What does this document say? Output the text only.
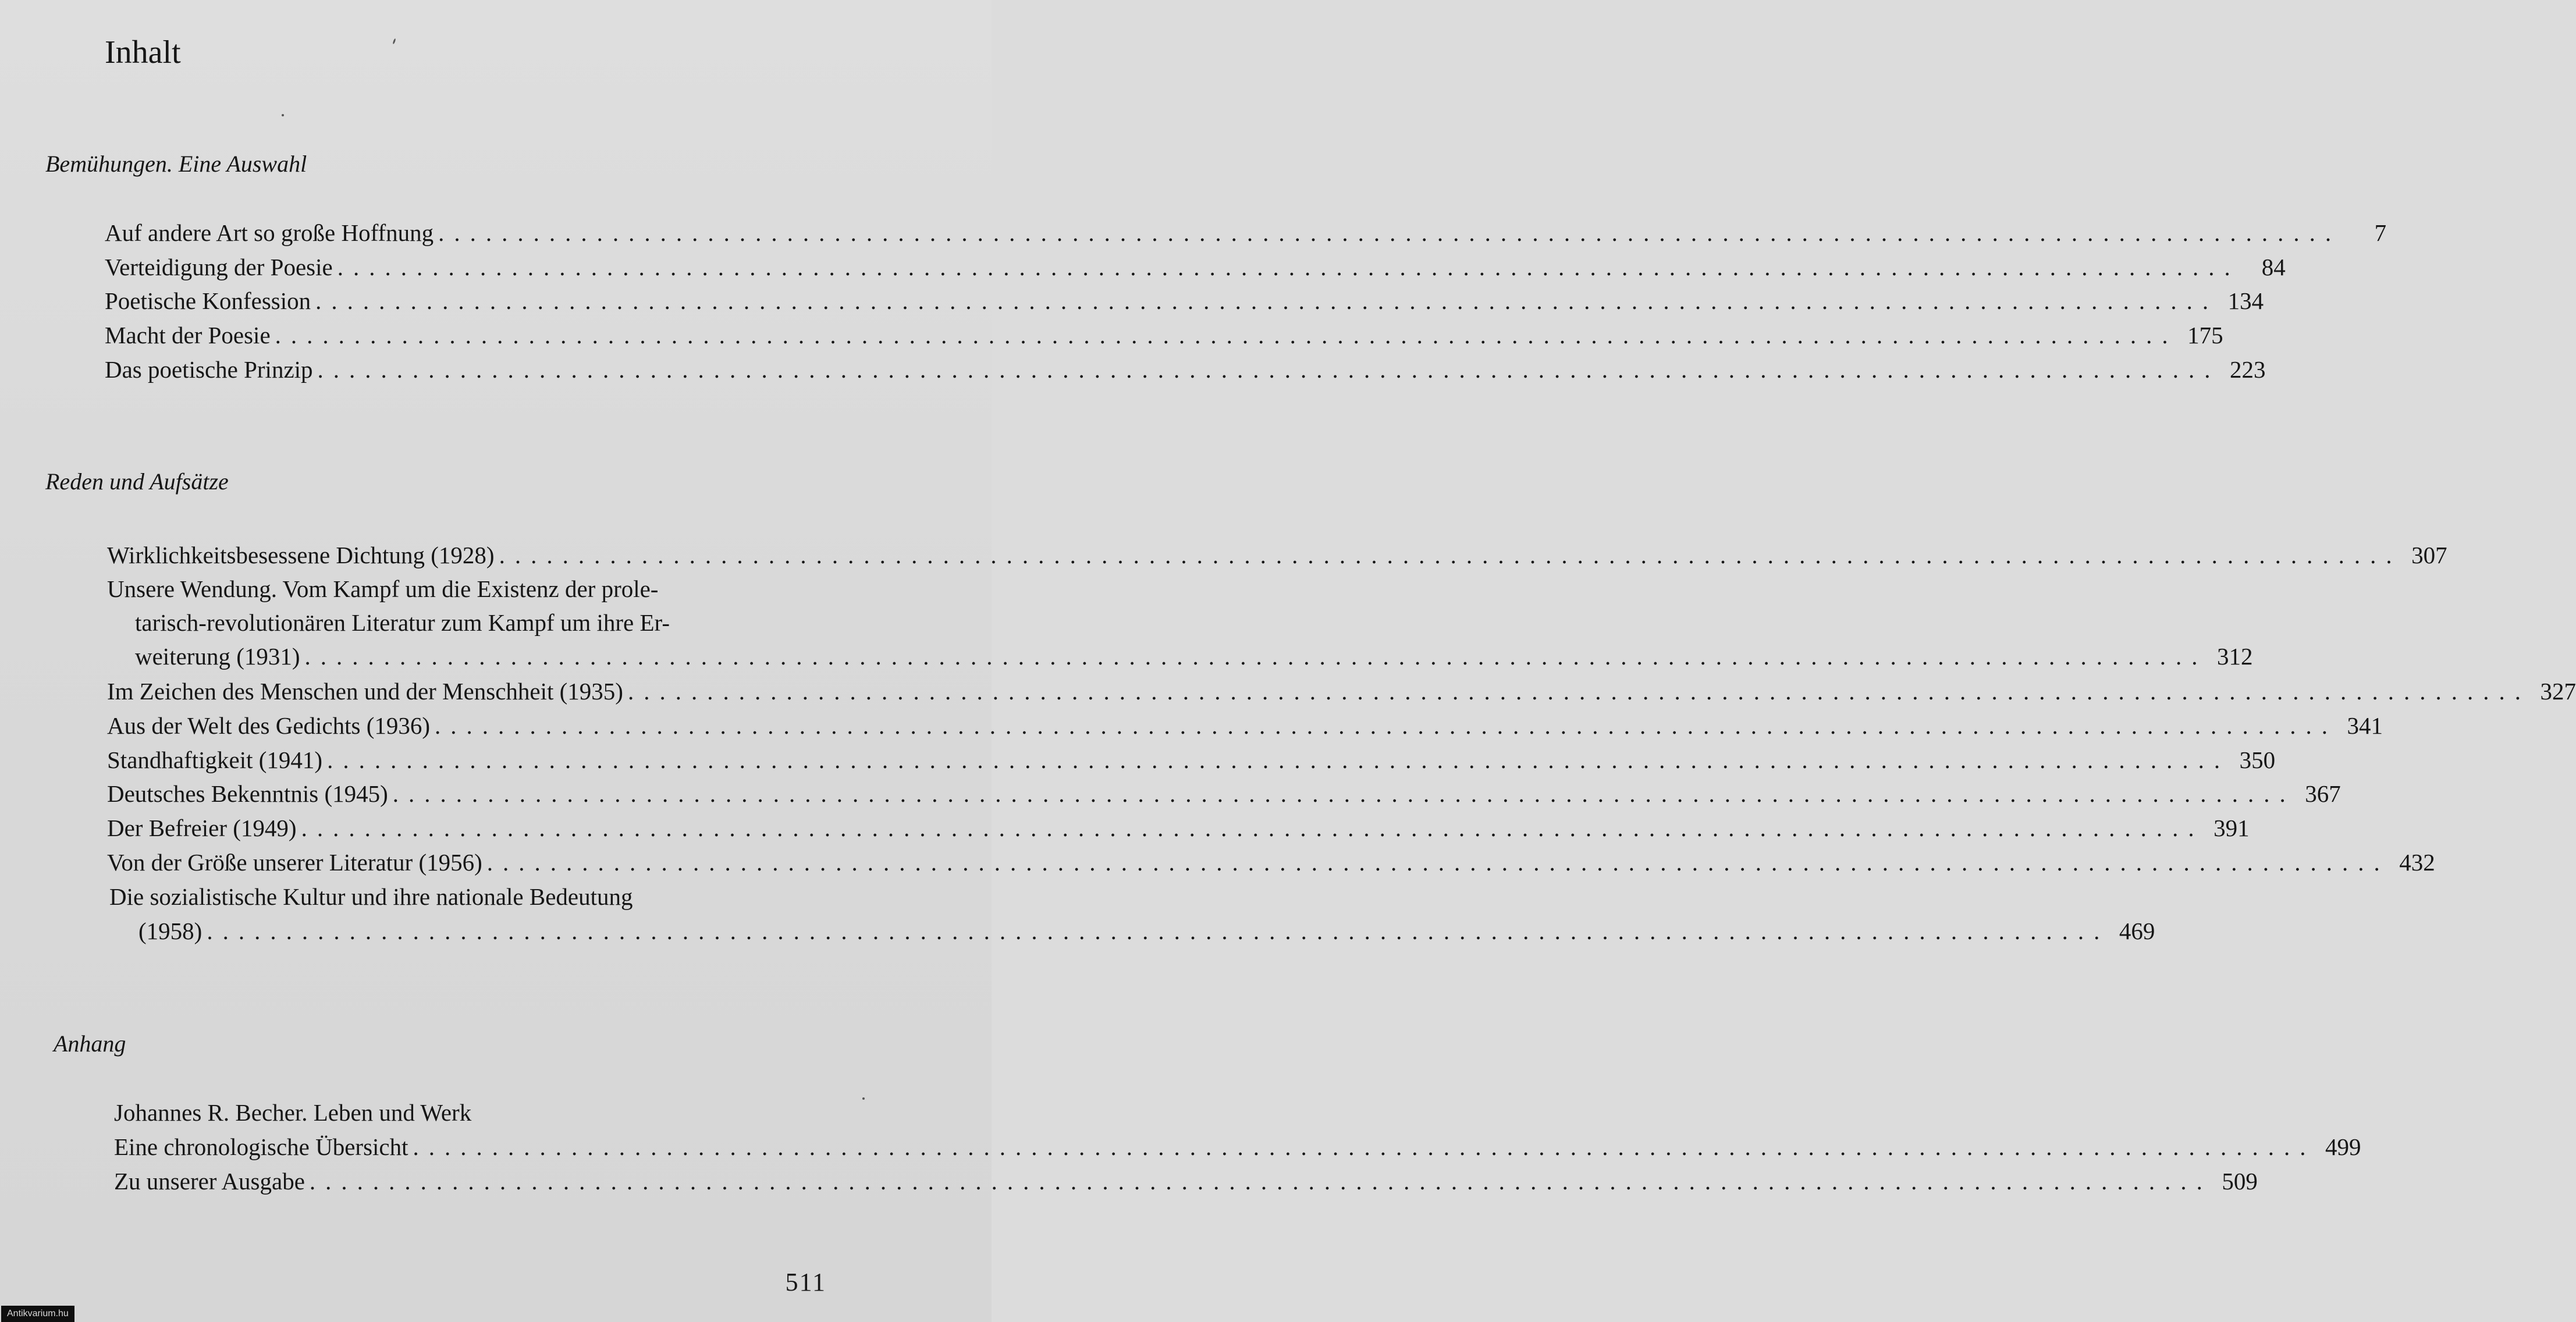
Inhalt
Bemühungen. Eine Auswahl
Auf andere Art so große Hoffnung ........................................................................................................................	7
Verteidigung der Poesie ........................................................................................................................ 84
Poetische Konfession ........................................................................................................................ 134
Macht der Poesie ........................................................................................................................ 175
Das poetische Prinzip ........................................................................................................................ 223
Reden und Aufsätze
Wirklichkeitsbesessene Dichtung (1928) ........................................................................................................................ 307
Unsere Wendung. Vom Kampf um die Existenz der prole-
tarisch-revolutionären Literatur zum Kampf um ihre Er-
weiterung (1931) ........................................................................................................................ 312
Im Zeichen des Menschen und der Menschheit (1935) ........................................................................................................................ 327
Aus der Welt des Gedichts (1936) ........................................................................................................................ 341
Standhaftigkeit (1941) ........................................................................................................................ 350
Deutsches Bekenntnis (1945) ........................................................................................................................ 367
Der Befreier (1949) ........................................................................................................................ 391
Von der Größe unserer Literatur (1956) ........................................................................................................................ 432
Die sozialistische Kultur und ihre nationale Bedeutung
(1958) ........................................................................................................................ 469
Anhang
Johannes R. Becher. Leben und Werk
Eine chronologische Übersicht ........................................................................................................................ 499
Zu unserer Ausgabe ........................................................................................................................ 509
511
Antikvarium.hu
